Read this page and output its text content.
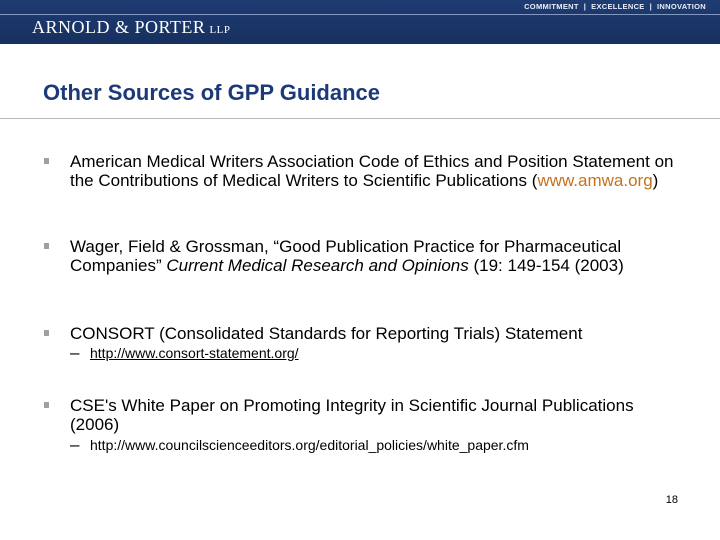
COMMITMENT | EXCELLENCE | INNOVATION
ARNOLD & PORTER LLP
Other Sources of GPP Guidance
American Medical Writers Association Code of Ethics and Position Statement on the Contributions of Medical Writers to Scientific Publications (www.amwa.org)
Wager, Field & Grossman, “Good Publication Practice for Pharmaceutical Companies” Current Medical Research and Opinions (19: 149-154 (2003)
CONSORT (Consolidated Standards for Reporting Trials) Statement
– http://www.consort-statement.org/
CSE's White Paper on Promoting Integrity in Scientific Journal Publications (2006)
– http://www.councilscienceeditors.org/editorial_policies/white_paper.cfm
18
